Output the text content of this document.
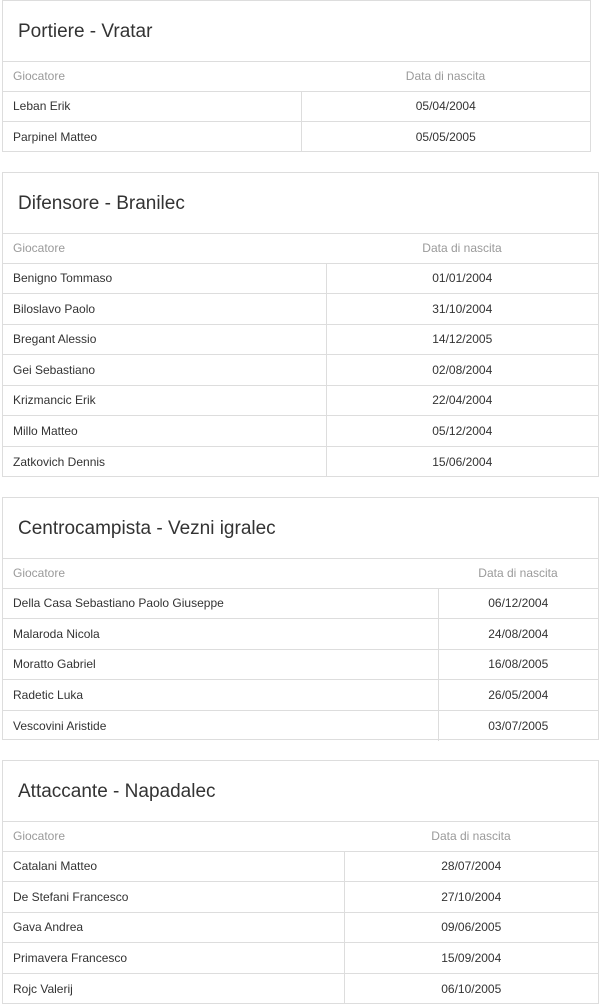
Portiere - Vratar
Giocatore	Data di nascita
Leban Erik	05/04/2004
Parpinel Matteo	05/05/2005
Difensore - Branilec
Giocatore	Data di nascita
Benigno Tommaso	01/01/2004
Biloslavo Paolo	31/10/2004
Bregant Alessio	14/12/2005
Gei Sebastiano	02/08/2004
Krizmancic Erik	22/04/2004
Millo Matteo	05/12/2004
Zatkovich Dennis	15/06/2004
Centrocampista - Vezni igralec
Giocatore	Data di nascita
Della Casa Sebastiano Paolo Giuseppe	06/12/2004
Malaroda Nicola	24/08/2004
Moratto Gabriel	16/08/2005
Radetic Luka	26/05/2004
Vescovini Aristide	03/07/2005
Attaccante - Napadalec
Giocatore	Data di nascita
Catalani Matteo	28/07/2004
De Stefani Francesco	27/10/2004
Gava Andrea	09/06/2005
Primavera Francesco	15/09/2004
Rojc Valerij	06/10/2005
